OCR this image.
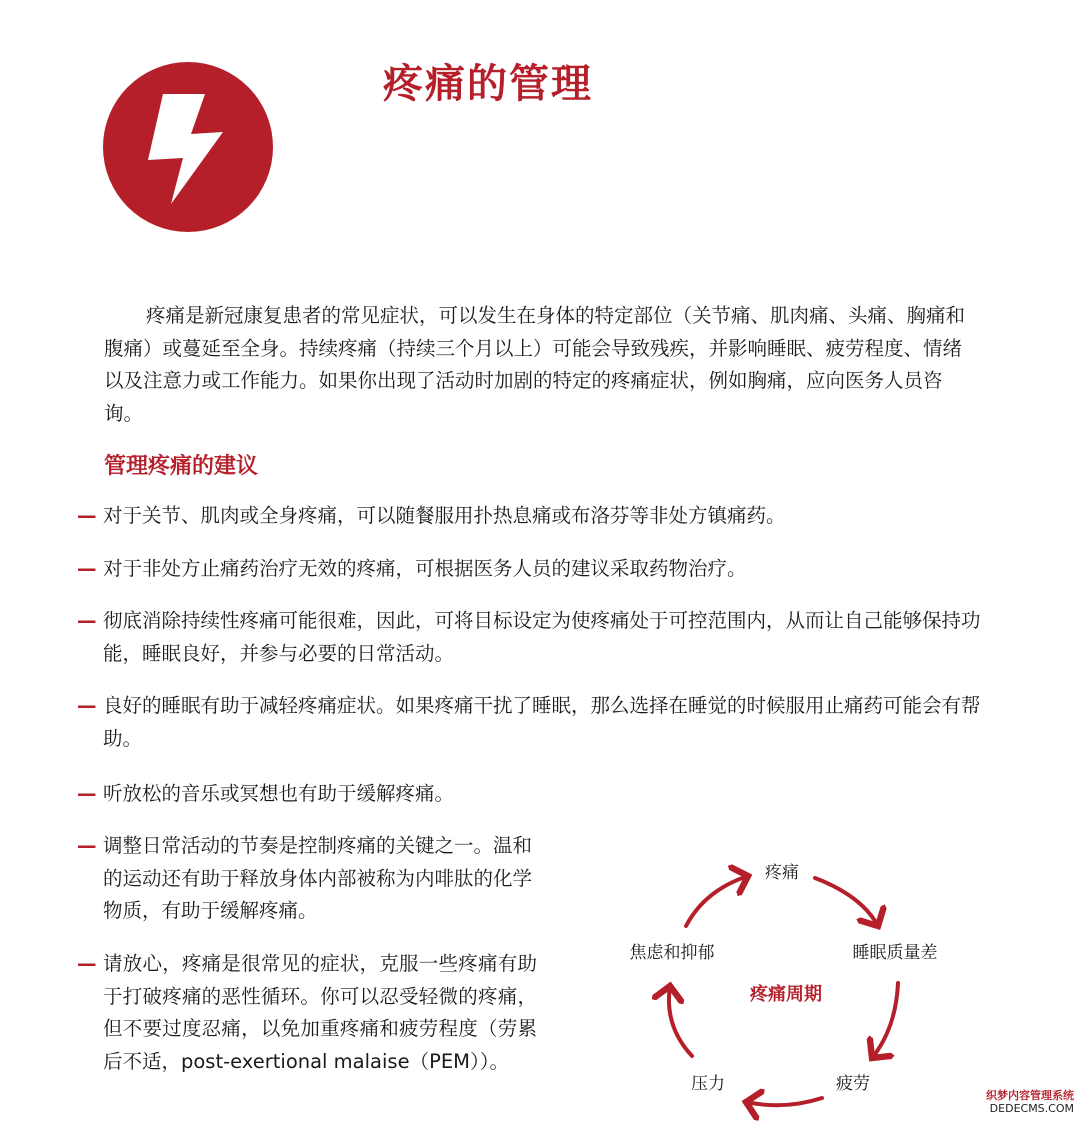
疼痛的管理

疼痛是新冠康复患者的常见症状，可以发生在身体的特定部位（关节痛、肌肉痛、头痛、胸痛和腹痛）或蔓延至全身。持续疼痛（持续三个月以上）可能会导致残疾，并影响睡眠、疲劳程度、情绪以及注意力或工作能力。如果你出现了活动时加剧的特定的疼痛症状，例如胸痛，应向医务人员咨询。

管理疼痛的建议
— 对于关节、肌肉或全身疼痛，可以随餐服用扑热息痛或布洛芬等非处方镇痛药。
— 对于非处方止痛药治疗无效的疼痛，可根据医务人员的建议采取药物治疗。
— 彻底消除持续性疼痛可能很难，因此，可将目标设定为使疼痛处于可控范围内，从而让自己能够保持功能，睡眠良好，并参与必要的日常活动。
— 良好的睡眠有助于减轻疼痛症状。如果疼痛干扰了睡眠，那么选择在睡觉的时候服用止痛药可能会有帮助。
— 听放松的音乐或冥想也有助于缓解疼痛。
— 调整日常活动的节奏是控制疼痛的关键之一。温和的运动还有助于释放身体内部被称为内啡肽的化学物质，有助于缓解疼痛。
— 请放心，疼痛是很常见的症状，克服一些疼痛有助于打破疼痛的恶性循环。你可以忍受轻微的疼痛，但不要过度忍痛，以免加重疼痛和疲劳程度（劳累后不适，post-exertional malaise（PEM））。
疼痛周期
疼痛
睡眠质量差
疲劳
压力
焦虑和抑郁
织梦内容管理系统
DEDECMS.COM
